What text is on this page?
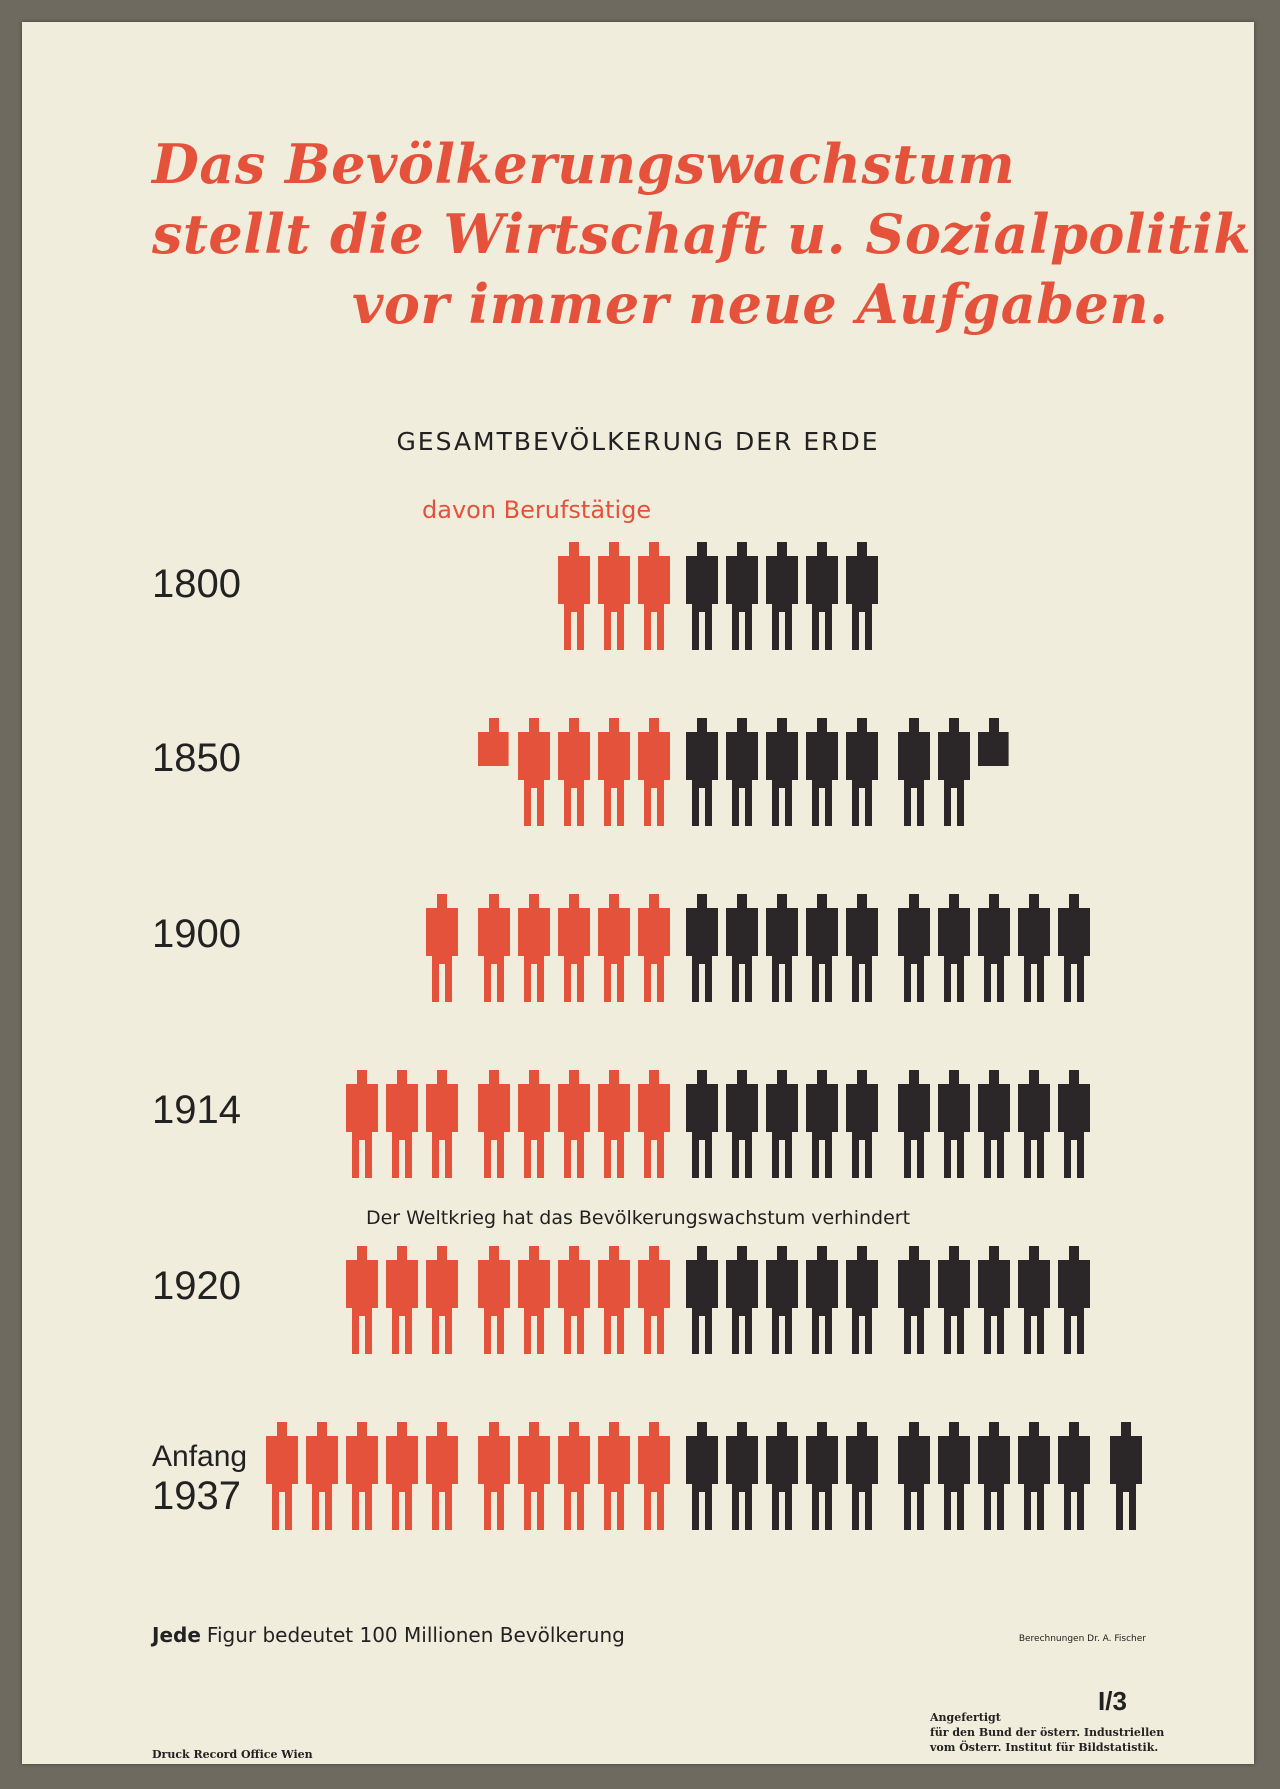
Das Bevölkerungswachstum
stellt die Wirtschaft u. Sozialpolitik
vor immer neue Aufgaben.
GESAMTBEVÖLKERUNG DER ERDE
davon Berufstätige
1800
1850
1900
1914
1920
Anfang
1937
Der Weltkrieg hat das Bevölkerungswachstum verhindert
Jede Figur bedeutet 100 Millionen Bevölkerung	Berechnungen Dr. A. Fischer
I/3
Angefertigt
für den Bund der österr. Industriellen
vom Österr. Institut für Bildstatistik.
Druck Record Office Wien
